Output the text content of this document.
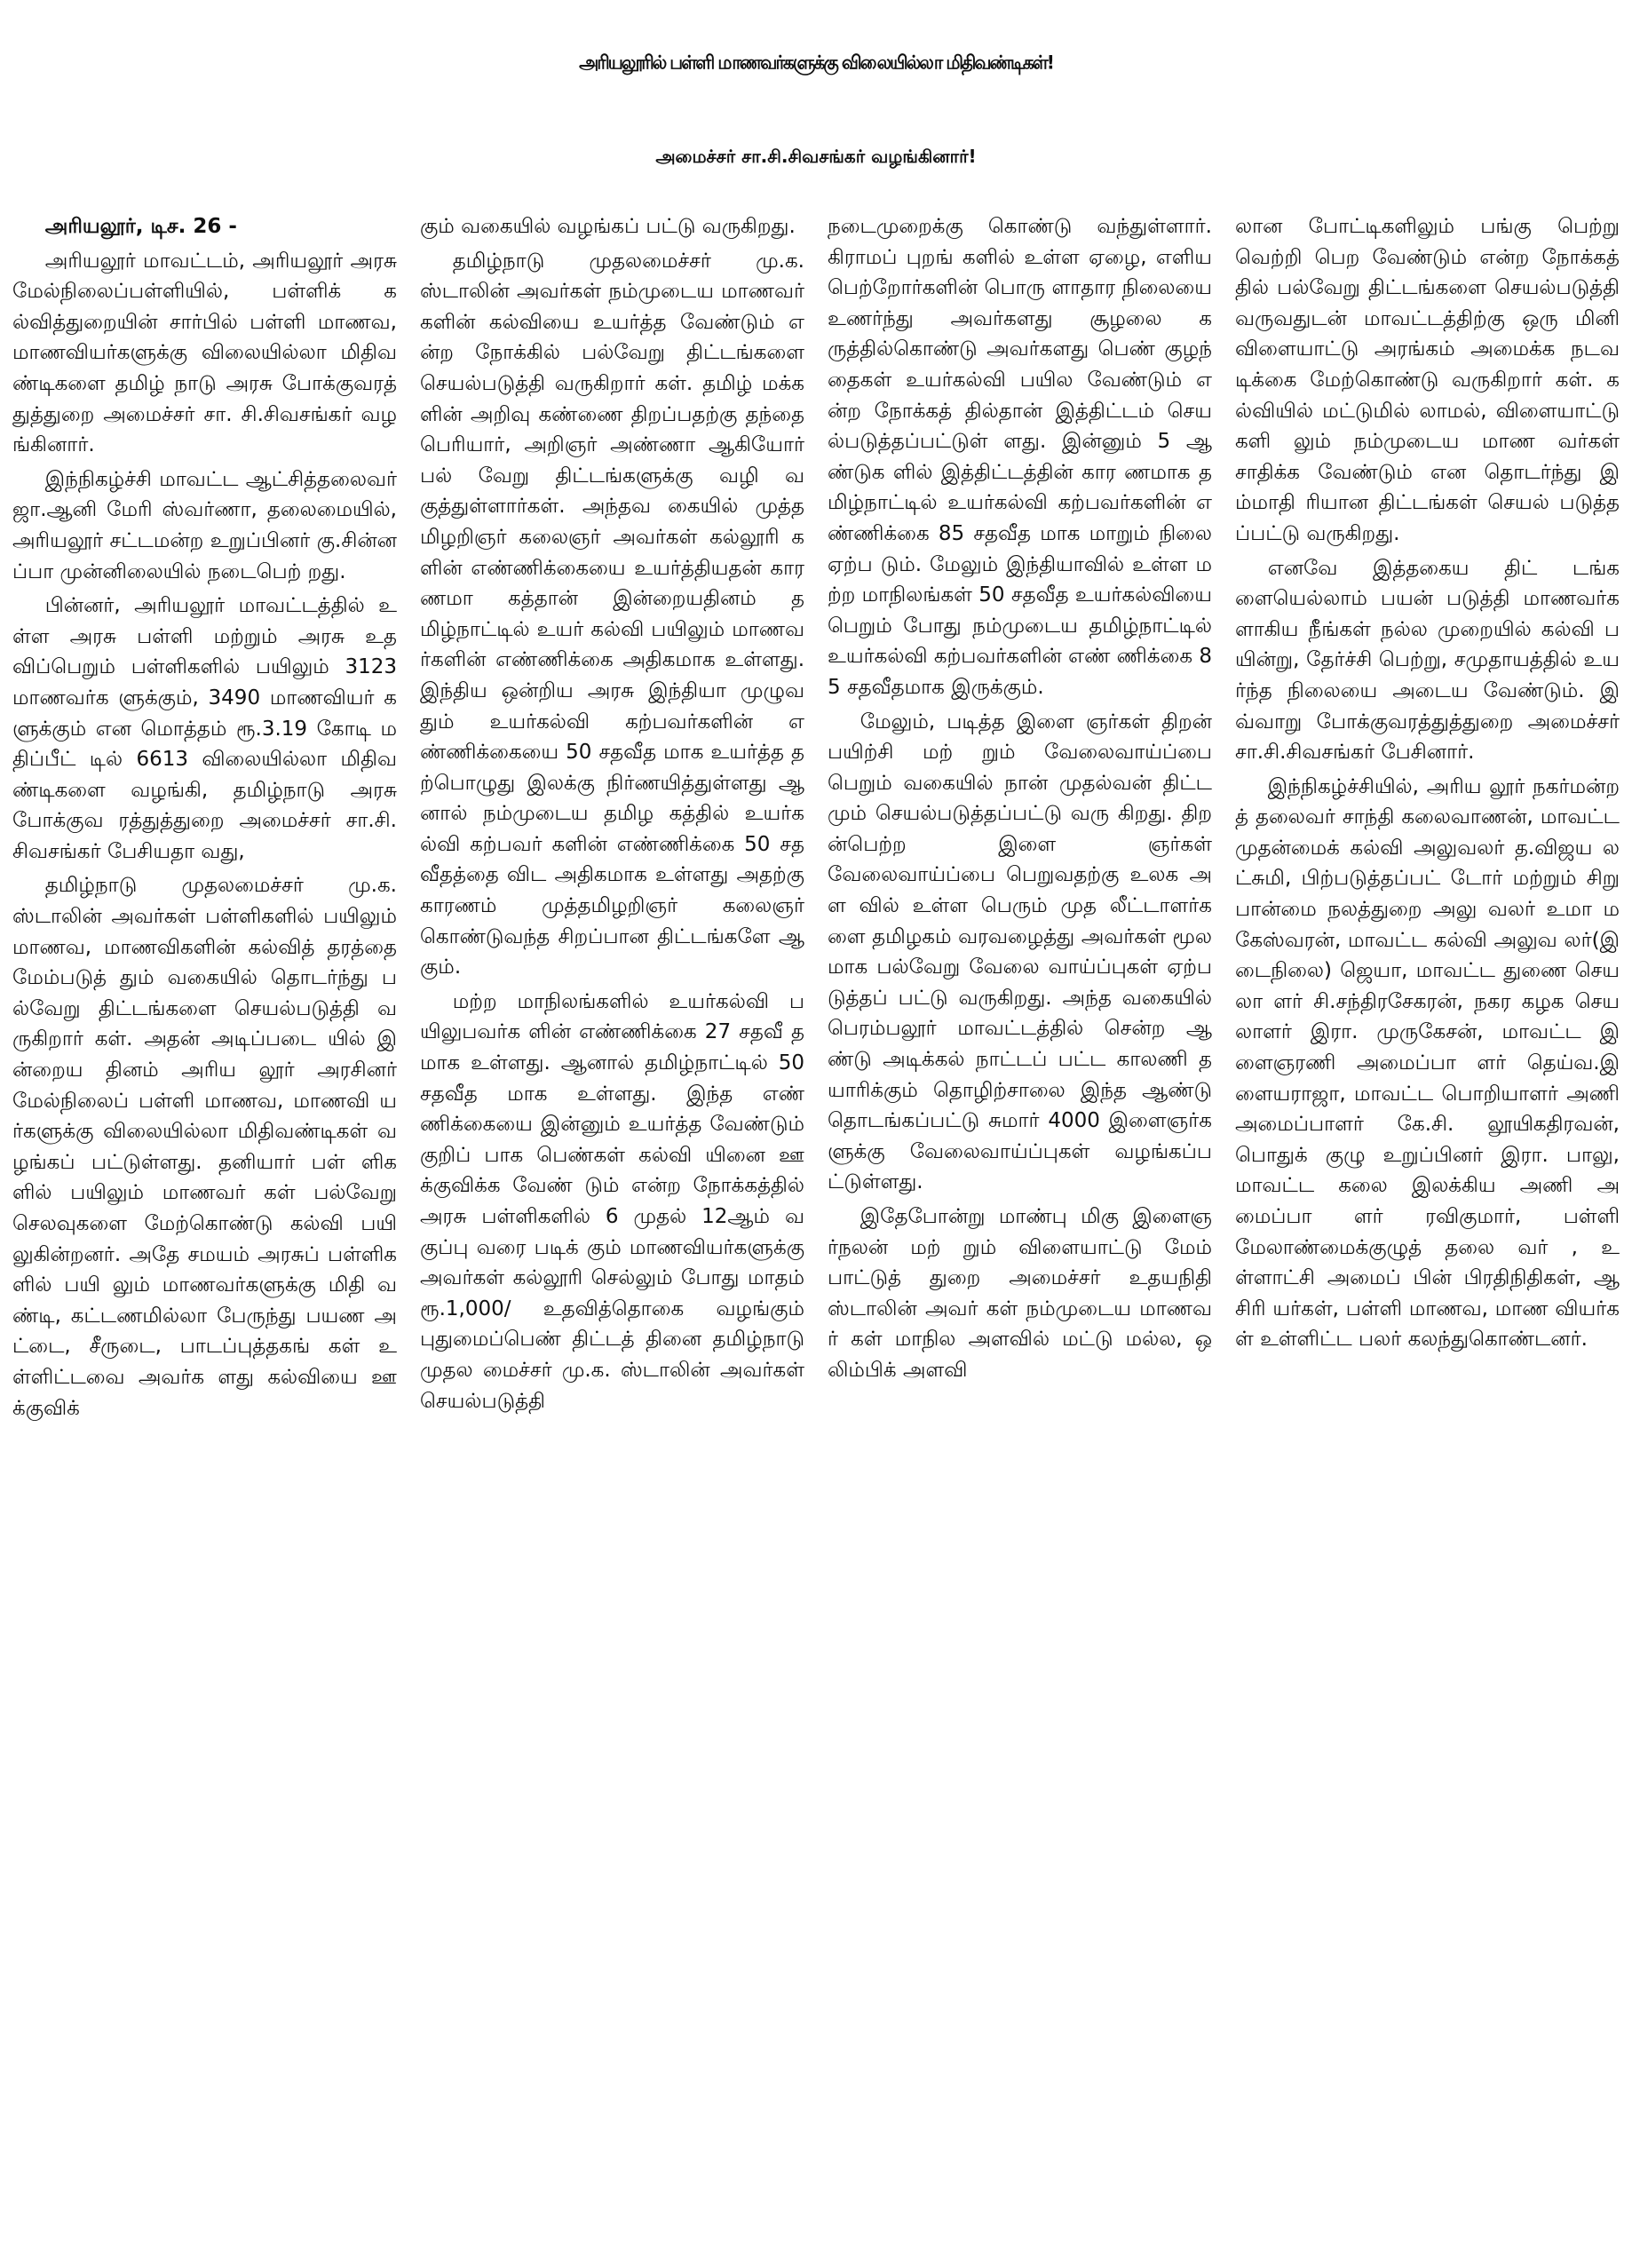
அரியலூரில் பள்ளி மாணவர்களுக்கு விலையில்லா மிதிவண்டிகள்!
அமைச்சர் சா.சி.சிவசங்கர் வழங்கினார்!

அரியலூர், டிச. 26 -

அரியலூர் மாவட்டம், அரியலூர் அரசு மேல்நிலைப்பள்ளியில், பள்ளிக் கல்வித்துறையின் சார்பில் பள்ளி மாணவ, மாணவியர்களுக்கு விலையில்லா மிதிவண்டிகளை தமிழ் நாடு அரசு போக்குவரத் துத்துறை அமைச்சர் சா. சி.சிவசங்கர் வழங்கினார்.

இந்நிகழ்ச்சி மாவட்ட ஆட்சித்தலைவர் ஜா.ஆனி மேரி ஸ்வர்ணா, தலைமையில், அரியலூர் சட்டமன்ற உறுப்பினர் கு.சின்னப்பா முன்னிலையில் நடைபெற் றது.

பின்னர், அரியலூர் மாவட்டத்தில் உள்ள அரசு பள்ளி மற்றும் அரசு உத விப்பெறும் பள்ளிகளில் பயிலும் 3123 மாணவர்க ளுக்கும், 3490 மாணவியர் களுக்கும் என மொத்தம் ரூ.3.19 கோடி மதிப்பீட் டில் 6613 விலையில்லா மிதிவண்டிகளை வழங்கி, தமிழ்நாடு அரசு போக்குவ ரத்துத்துறை அமைச்சர் சா.சி.சிவசங்கர் பேசியதா வது,

தமிழ்நாடு முதலமைச்சர் மு.க.ஸ்டாலின் அவர்கள் பள்ளிகளில் பயிலும் மாணவ, மாணவிகளின் கல்வித் தரத்தை மேம்படுத் தும் வகையில் தொடர்ந்து பல்வேறு திட்டங்களை செயல்படுத்தி வருகிறார் கள். அதன் அடிப்படை யில் இன்றைய தினம் அரிய லூர் அரசினர் மேல்நிலைப் பள்ளி மாணவ, மாணவி யர்களுக்கு விலையில்லா மிதிவண்டிகள் வழங்கப் பட்டுள்ளது. தனியார் பள் ளிகளில் பயிலும் மாணவர் கள் பல்வேறு செலவுகளை மேற்கொண்டு கல்வி பயி லுகின்றனர். அதே சமயம் அரசுப் பள்ளிகளில் பயி லும் மாணவர்களுக்கு மிதி வண்டி, கட்டணமில்லா பேருந்து பயண அட்டை, சீருடை, பாடப்புத்தகங் கள் உள்ளிட்டவை அவர்க ளது கல்வியை ஊக்குவிக்

கும் வகையில் வழங்கப் பட்டு வருகிறது.

தமிழ்நாடு முதலமைச்சர் மு.க.ஸ்டாலின் அவர்கள் நம்முடைய மாணவர் களின் கல்வியை உயர்த்த வேண்டும் என்ற நோக்கில் பல்வேறு திட்டங்களை செயல்படுத்தி வருகிறார் கள். தமிழ் மக்களின் அறிவு கண்ணை திறப்பதற்கு தந்தை பெரியார், அறிஞர் அண்ணா ஆகியோர் பல் வேறு திட்டங்களுக்கு வழி வகுத்துள்ளார்கள். அந்தவ கையில் முத்தமிழறிஞர் கலைஞர் அவர்கள் கல்லூரி களின் எண்ணிக்கையை உயர்த்தியதன் காரணமா கத்தான் இன்றையதினம் தமிழ்நாட்டில் உயர் கல்வி பயிலும் மாணவர்களின் எண்ணிக்கை அதிகமாக உள்ளது. இந்திய ஒன்றிய அரசு இந்தியா முழுவதும் உயர்கல்வி கற்பவர்களின் எண்ணிக்கையை 50 சதவீத மாக உயர்த்த தற்பொழுது இலக்கு நிர்ணயித்துள்ளது ஆனால் நம்முடைய தமிழ கத்தில் உயர்கல்வி கற்பவர் களின் எண்ணிக்கை 50 சத வீதத்தை விட அதிகமாக உள்ளது அதற்கு காரணம் முத்தமிழறிஞர் கலைஞர் கொண்டுவந்த சிறப்பான திட்டங்களே ஆகும்.

மற்ற மாநிலங்களில் உயர்கல்வி பயிலுபவர்க ளின் எண்ணிக்கை 27 சதவீ தமாக உள்ளது. ஆனால் தமிழ்நாட்டில் 50 சதவீத மாக உள்ளது. இந்த எண் ணிக்கையை இன்னும் உயர்த்த வேண்டும் குறிப் பாக பெண்கள் கல்வி யினை ஊக்குவிக்க வேண் டும் என்ற நோக்கத்தில் அரசு பள்ளிகளில் 6 முதல் 12ஆம் வகுப்பு வரை படிக் கும் மாணவியர்களுக்கு அவர்கள் கல்லூரி செல்லும் போது மாதம் ரூ.1,000/ உதவித்தொகை வழங்கும் புதுமைப்பெண் திட்டத் தினை தமிழ்நாடு முதல மைச்சர் மு.க. ஸ்டாலின் அவர்கள் செயல்படுத்தி

நடைமுறைக்கு கொண்டு வந்துள்ளார். கிராமப் புறங் களில் உள்ள ஏழை, எளிய பெற்றோர்களின் பொரு ளாதார நிலையை உணர்ந்து அவர்களது சூழலை கருத்தில்கொண்டு அவர்களது பெண் குழந் தைகள் உயர்கல்வி பயில வேண்டும் என்ற நோக்கத் தில்தான் இத்திட்டம் செயல்படுத்தப்பட்டுள் ளது. இன்னும் 5 ஆண்டுக ளில் இத்திட்டத்தின் கார ணமாக தமிழ்நாட்டில் உயர்கல்வி கற்பவர்களின் எண்ணிக்கை 85 சதவீத மாக மாறும் நிலை ஏற்ப டும். மேலும் இந்தியாவில் உள்ள மற்ற மாநிலங்கள் 50 சதவீத உயர்கல்வியை பெறும் போது நம்முடைய தமிழ்நாட்டில் உயர்கல்வி கற்பவர்களின் எண் ணிக்கை 85 சதவீதமாக இருக்கும்.

மேலும், படித்த இளை ஞர்கள் திறன் பயிற்சி மற் றும் வேலைவாய்ப்பை பெறும் வகையில் நான் முதல்வன் திட்டமும் செயல்படுத்தப்பட்டு வரு கிறது. திறன்பெற்ற இளை ஞர்கள் வேலைவாய்ப்பை பெறுவதற்கு உலக அள வில் உள்ள பெரும் முத லீட்டாளர்களை தமிழகம் வரவழைத்து அவர்கள் மூலமாக பல்வேறு வேலை வாய்ப்புகள் ஏற்படுத்தப் பட்டு வருகிறது. அந்த வகையில் பெரம்பலூர் மாவட்டத்தில் சென்ற ஆண்டு அடிக்கல் நாட்டப் பட்ட காலணி தயாரிக்கும் தொழிற்சாலை இந்த ஆண்டு தொடங்கப்பட்டு சுமார் 4000 இளைஞர்க ளுக்கு வேலைவாய்ப்புகள் வழங்கப்பட்டுள்ளது.

இதேபோன்று மாண்பு மிகு இளைஞர்நலன் மற் றும் விளையாட்டு மேம் பாட்டுத் துறை அமைச்சர் உதயநிதி ஸ்டாலின் அவர் கள் நம்முடைய மாணவர் கள் மாநில அளவில் மட்டு மல்ல, ஒலிம்பிக் அளவி

லான போட்டிகளிலும் பங்கு பெற்று வெற்றி பெற வேண்டும் என்ற நோக்கத் தில் பல்வேறு திட்டங்களை செயல்படுத்தி வருவதுடன் மாவட்டத்திற்கு ஒரு மினி விளையாட்டு அரங்கம் அமைக்க நடவடிக்கை மேற்கொண்டு வருகிறார் கள். கல்வியில் மட்டுமில் லாமல், விளையாட்டு களி லும் நம்முடைய மாண வர்கள் சாதிக்க வேண்டும் என தொடர்ந்து இம்மாதி ரியான திட்டங்கள் செயல் படுத்தப்பட்டு வருகிறது.

எனவே இத்தகைய திட் டங்களையெல்லாம் பயன் படுத்தி மாணவர்களாகிய நீங்கள் நல்ல முறையில் கல்வி பயின்று, தேர்ச்சி பெற்று, சமுதாயத்தில் உயர்ந்த நிலையை அடைய வேண்டும். இவ்வாறு போக்குவரத்துத்துறை அமைச்சர் சா.சி.சிவசங்கர் பேசினார்.

இந்நிகழ்ச்சியில், அரிய லூர் நகர்மன்றத் தலைவர் சாந்தி கலைவாணன், மாவட்ட முதன்மைக் கல்வி அலுவலர் த.விஜய லட்சுமி, பிற்படுத்தப்பட் டோர் மற்றும் சிறு பான்மை நலத்துறை அலு வலர் உமா மகேஸ்வரன், மாவட்ட கல்வி அலுவ லர்(இடைநிலை) ஜெயா, மாவட்ட துணை செயலா ளர் சி.சந்திரசேகரன், நகர கழக செயலாளர் இரா. முருகேசன், மாவட்ட இளைஞரணி அமைப்பா ளர் தெய்வ.இளையராஜா, மாவட்ட பொறியாளர் அணி அமைப்பாளர் கே.சி. லூயிகதிரவன், பொதுக் குழு உறுப்பினர் இரா. பாலு, மாவட்ட கலை இலக்கிய அணி அமைப்பா ளர் ரவிகுமார், பள்ளி மேலாண்மைக்குழுத் தலை வர் , உள்ளாட்சி அமைப் பின் பிரதிநிதிகள், ஆசிரி யர்கள், பள்ளி மாணவ, மாண வியர்கள் உள்ளிட்ட பலர் கலந்துகொண்டனர்.
